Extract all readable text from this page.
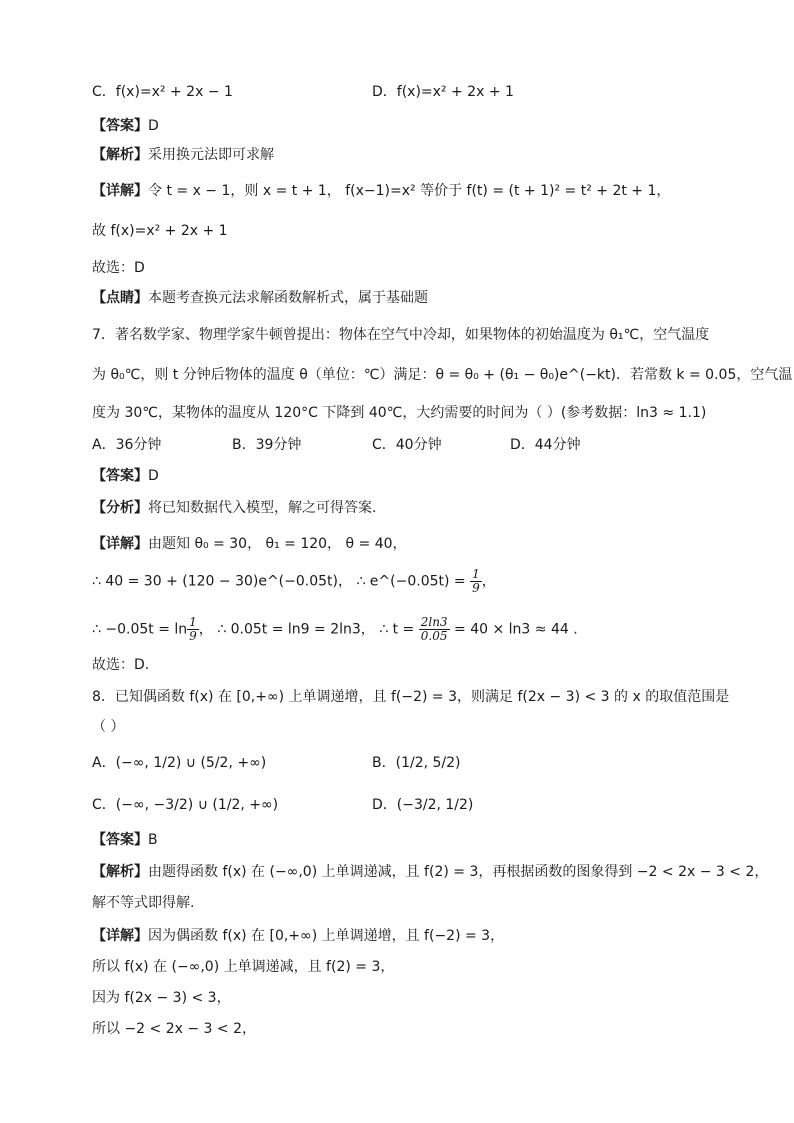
C．f(x)=x² + 2x − 1	D．f(x)=x² + 2x + 1
【答案】D
【解析】采用换元法即可求解
【详解】令 t = x − 1，则 x = t + 1， f(x−1)=x² 等价于 f(t) = (t + 1)² = t² + 2t + 1，
故 f(x)=x² + 2x + 1
故选：D
【点睛】本题考查换元法求解函数解析式，属于基础题
7．著名数学家、物理学家牛顿曾提出：物体在空气中冷却，如果物体的初始温度为 θ₁℃，空气温度
为 θ₀℃，则 t 分钟后物体的温度 θ（单位：℃）满足：θ = θ₀ + (θ₁ − θ₀)e^(−kt)．若常数 k = 0.05，空气温
度为 30℃，某物体的温度从 120°C 下降到 40℃，大约需要的时间为（ ）(参考数据：ln3 ≈ 1.1)
A．36分钟	B．39分钟	C．40分钟	D．44分钟
【答案】D
【分析】将已知数据代入模型，解之可得答案.
【详解】由题知 θ₀ = 30， θ₁ = 120， θ = 40，
∴ 40 = 30 + (120 − 30)e^(−0.05t)， ∴ e^(−0.05t) = $\frac{1}{9}$ ，
∴ $-0.05t = \ln \frac{1}{9}$ ， ∴ 0.05t = ln9 = 2ln3， ∴ $t = \frac{2\ln 3}{0.05} = 40 \times \ln 3 \approx 44$ .
故选：D.
8．已知偶函数 f(x) 在 [0,+∞) 上单调递增，且 f(−2) = 3，则满足 f(2x − 3) < 3 的 x 的取值范围是
（ ）
A．(−∞, 1/2) ∪ (5/2, +∞)	B．(1/2, 5/2)
C．(−∞, −3/2) ∪ (1/2, +∞)	D．(−3/2, 1/2)
【答案】B
【解析】由题得函数 f(x) 在 (−∞,0) 上单调递减，且 f(2) = 3，再根据函数的图象得到 −2 < 2x − 3 < 2，
解不等式即得解.
【详解】因为偶函数 f(x) 在 [0,+∞) 上单调递增，且 f(−2) = 3，
所以 f(x) 在 (−∞,0) 上单调递减，且 f(2) = 3，
因为 f(2x − 3) < 3，
所以 −2 < 2x − 3 < 2，
